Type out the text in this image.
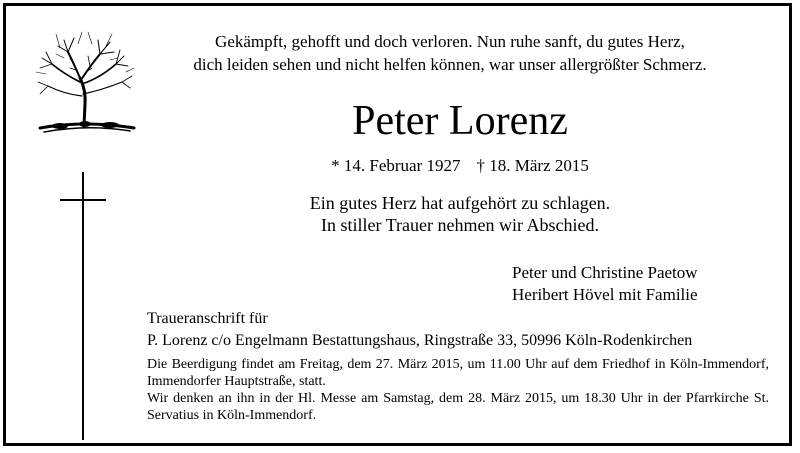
Gekämpft, gehofft und doch verloren. Nun ruhe sanft, du gutes Herz,
dich leiden sehen und nicht helfen können, war unser allergrößter Schmerz.
Peter Lorenz
* 14. Februar 1927 † 18. März 2015
Ein gutes Herz hat aufgehört zu schlagen.
In stiller Trauer nehmen wir Abschied.
Peter und Christine Paetow
Heribert Hövel mit Familie
Traueranschrift für
P. Lorenz c/o Engelmann Bestattungshaus, Ringstraße 33, 50996 Köln-Rodenkirchen
Die Beerdigung findet am Freitag, dem 27. März 2015, um 11.00 Uhr auf dem Friedhof in Köln-Immendorf, Immendorfer Hauptstraße, statt.
Wir denken an ihn in der Hl. Messe am Samstag, dem 28. März 2015, um 18.30 Uhr in der Pfarrkirche St. Servatius in Köln-Immendorf.
